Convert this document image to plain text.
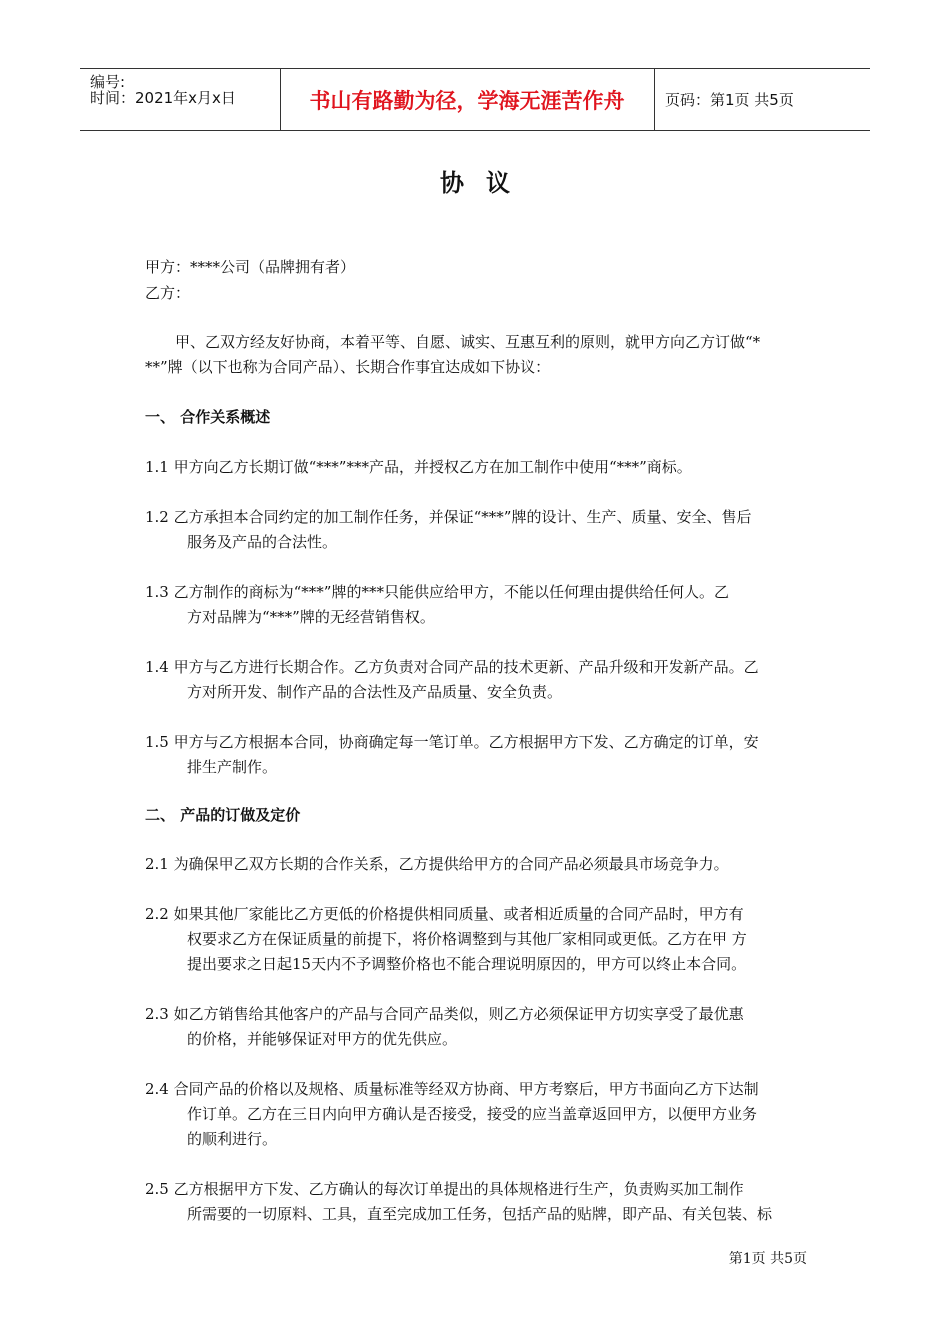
编号:
时间：2021年x月x日	书山有路勤为径，学海无涯苦作舟	页码：第1页 共5页
协议
甲方：****公司（品牌拥有者）
乙方：
甲、乙双方经友好协商，本着平等、自愿、诚实、互惠互利的原则，就甲方向乙方订做“*
**”牌（以下也称为合同产品）、长期合作事宜达成如下协议：
一、 合作关系概述
1.1 甲方向乙方长期订做“***”***产品，并授权乙方在加工制作中使用“***”商标。
1.2 乙方承担本合同约定的加工制作任务，并保证“***”牌的设计、生产、质量、安全、售后
服务及产品的合法性。
1.3 乙方制作的商标为“***”牌的***只能供应给甲方，不能以任何理由提供给任何人。乙
方对品牌为“***”牌的无经营销售权。
1.4 甲方与乙方进行长期合作。乙方负责对合同产品的技术更新、产品升级和开发新产品。乙
方对所开发、制作产品的合法性及产品质量、安全负责。
1.5 甲方与乙方根据本合同，协商确定每一笔订单。乙方根据甲方下发、乙方确定的订单，安
排生产制作。
二、 产品的订做及定价
2.1 为确保甲乙双方长期的合作关系，乙方提供给甲方的合同产品必须最具市场竞争力。
2.2 如果其他厂家能比乙方更低的价格提供相同质量、或者相近质量的合同产品时，甲方有
权要求乙方在保证质量的前提下，将价格调整到与其他厂家相同或更低。乙方在甲 方
提出要求之日起15天内不予调整价格也不能合理说明原因的，甲方可以终止本合同。
2.3 如乙方销售给其他客户的产品与合同产品类似，则乙方必须保证甲方切实享受了最优惠
的价格，并能够保证对甲方的优先供应。
2.4 合同产品的价格以及规格、质量标准等经双方协商、甲方考察后，甲方书面向乙方下达制
作订单。乙方在三日内向甲方确认是否接受，接受的应当盖章返回甲方，以便甲方业务
的顺利进行。
2.5 乙方根据甲方下发、乙方确认的每次订单提出的具体规格进行生产，负责购买加工制作
所需要的一切原料、工具，直至完成加工任务，包括产品的贴牌，即产品、有关包装、标
第1页 共5页
